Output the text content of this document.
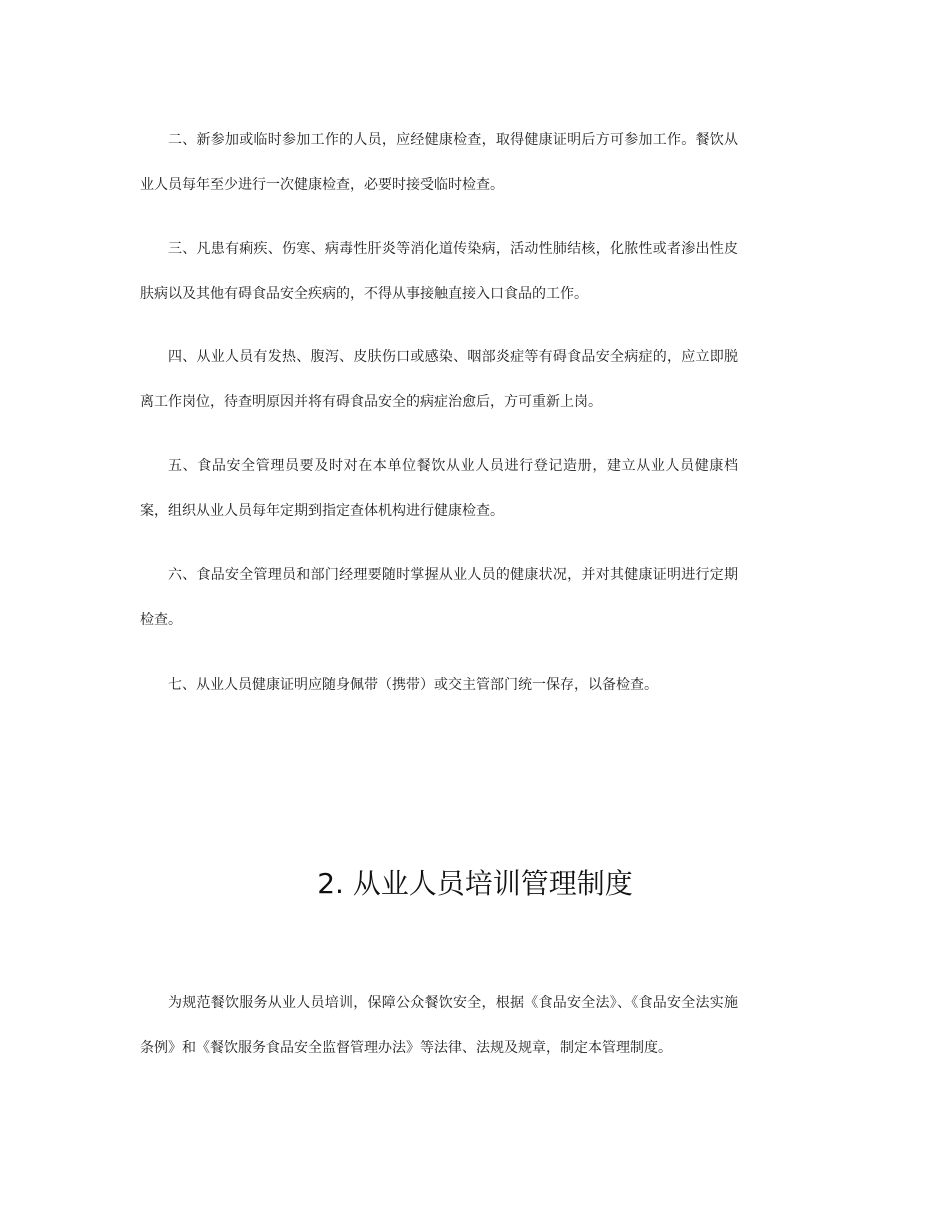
二、新参加或临时参加工作的人员，应经健康检查，取得健康证明后方可参加工作。餐饮从业人员每年至少进行一次健康检查，必要时接受临时检查。

三、凡患有痢疾、伤寒、病毒性肝炎等消化道传染病，活动性肺结核，化脓性或者渗出性皮肤病以及其他有碍食品安全疾病的，不得从事接触直接入口食品的工作。

四、从业人员有发热、腹泻、皮肤伤口或感染、咽部炎症等有碍食品安全病症的，应立即脱离工作岗位，待查明原因并将有碍食品安全的病症治愈后，方可重新上岗。

五、食品安全管理员要及时对在本单位餐饮从业人员进行登记造册，建立从业人员健康档案，组织从业人员每年定期到指定查体机构进行健康检查。

六、食品安全管理员和部门经理要随时掌握从业人员的健康状况，并对其健康证明进行定期检查。

七、从业人员健康证明应随身佩带（携带）或交主管部门统一保存，以备检查。

2. 从业人员培训管理制度

为规范餐饮服务从业人员培训，保障公众餐饮安全，根据《食品安全法》、《食品安全法实施条例》和《餐饮服务食品安全监督管理办法》等法律、法规及规章，制定本管理制度。
